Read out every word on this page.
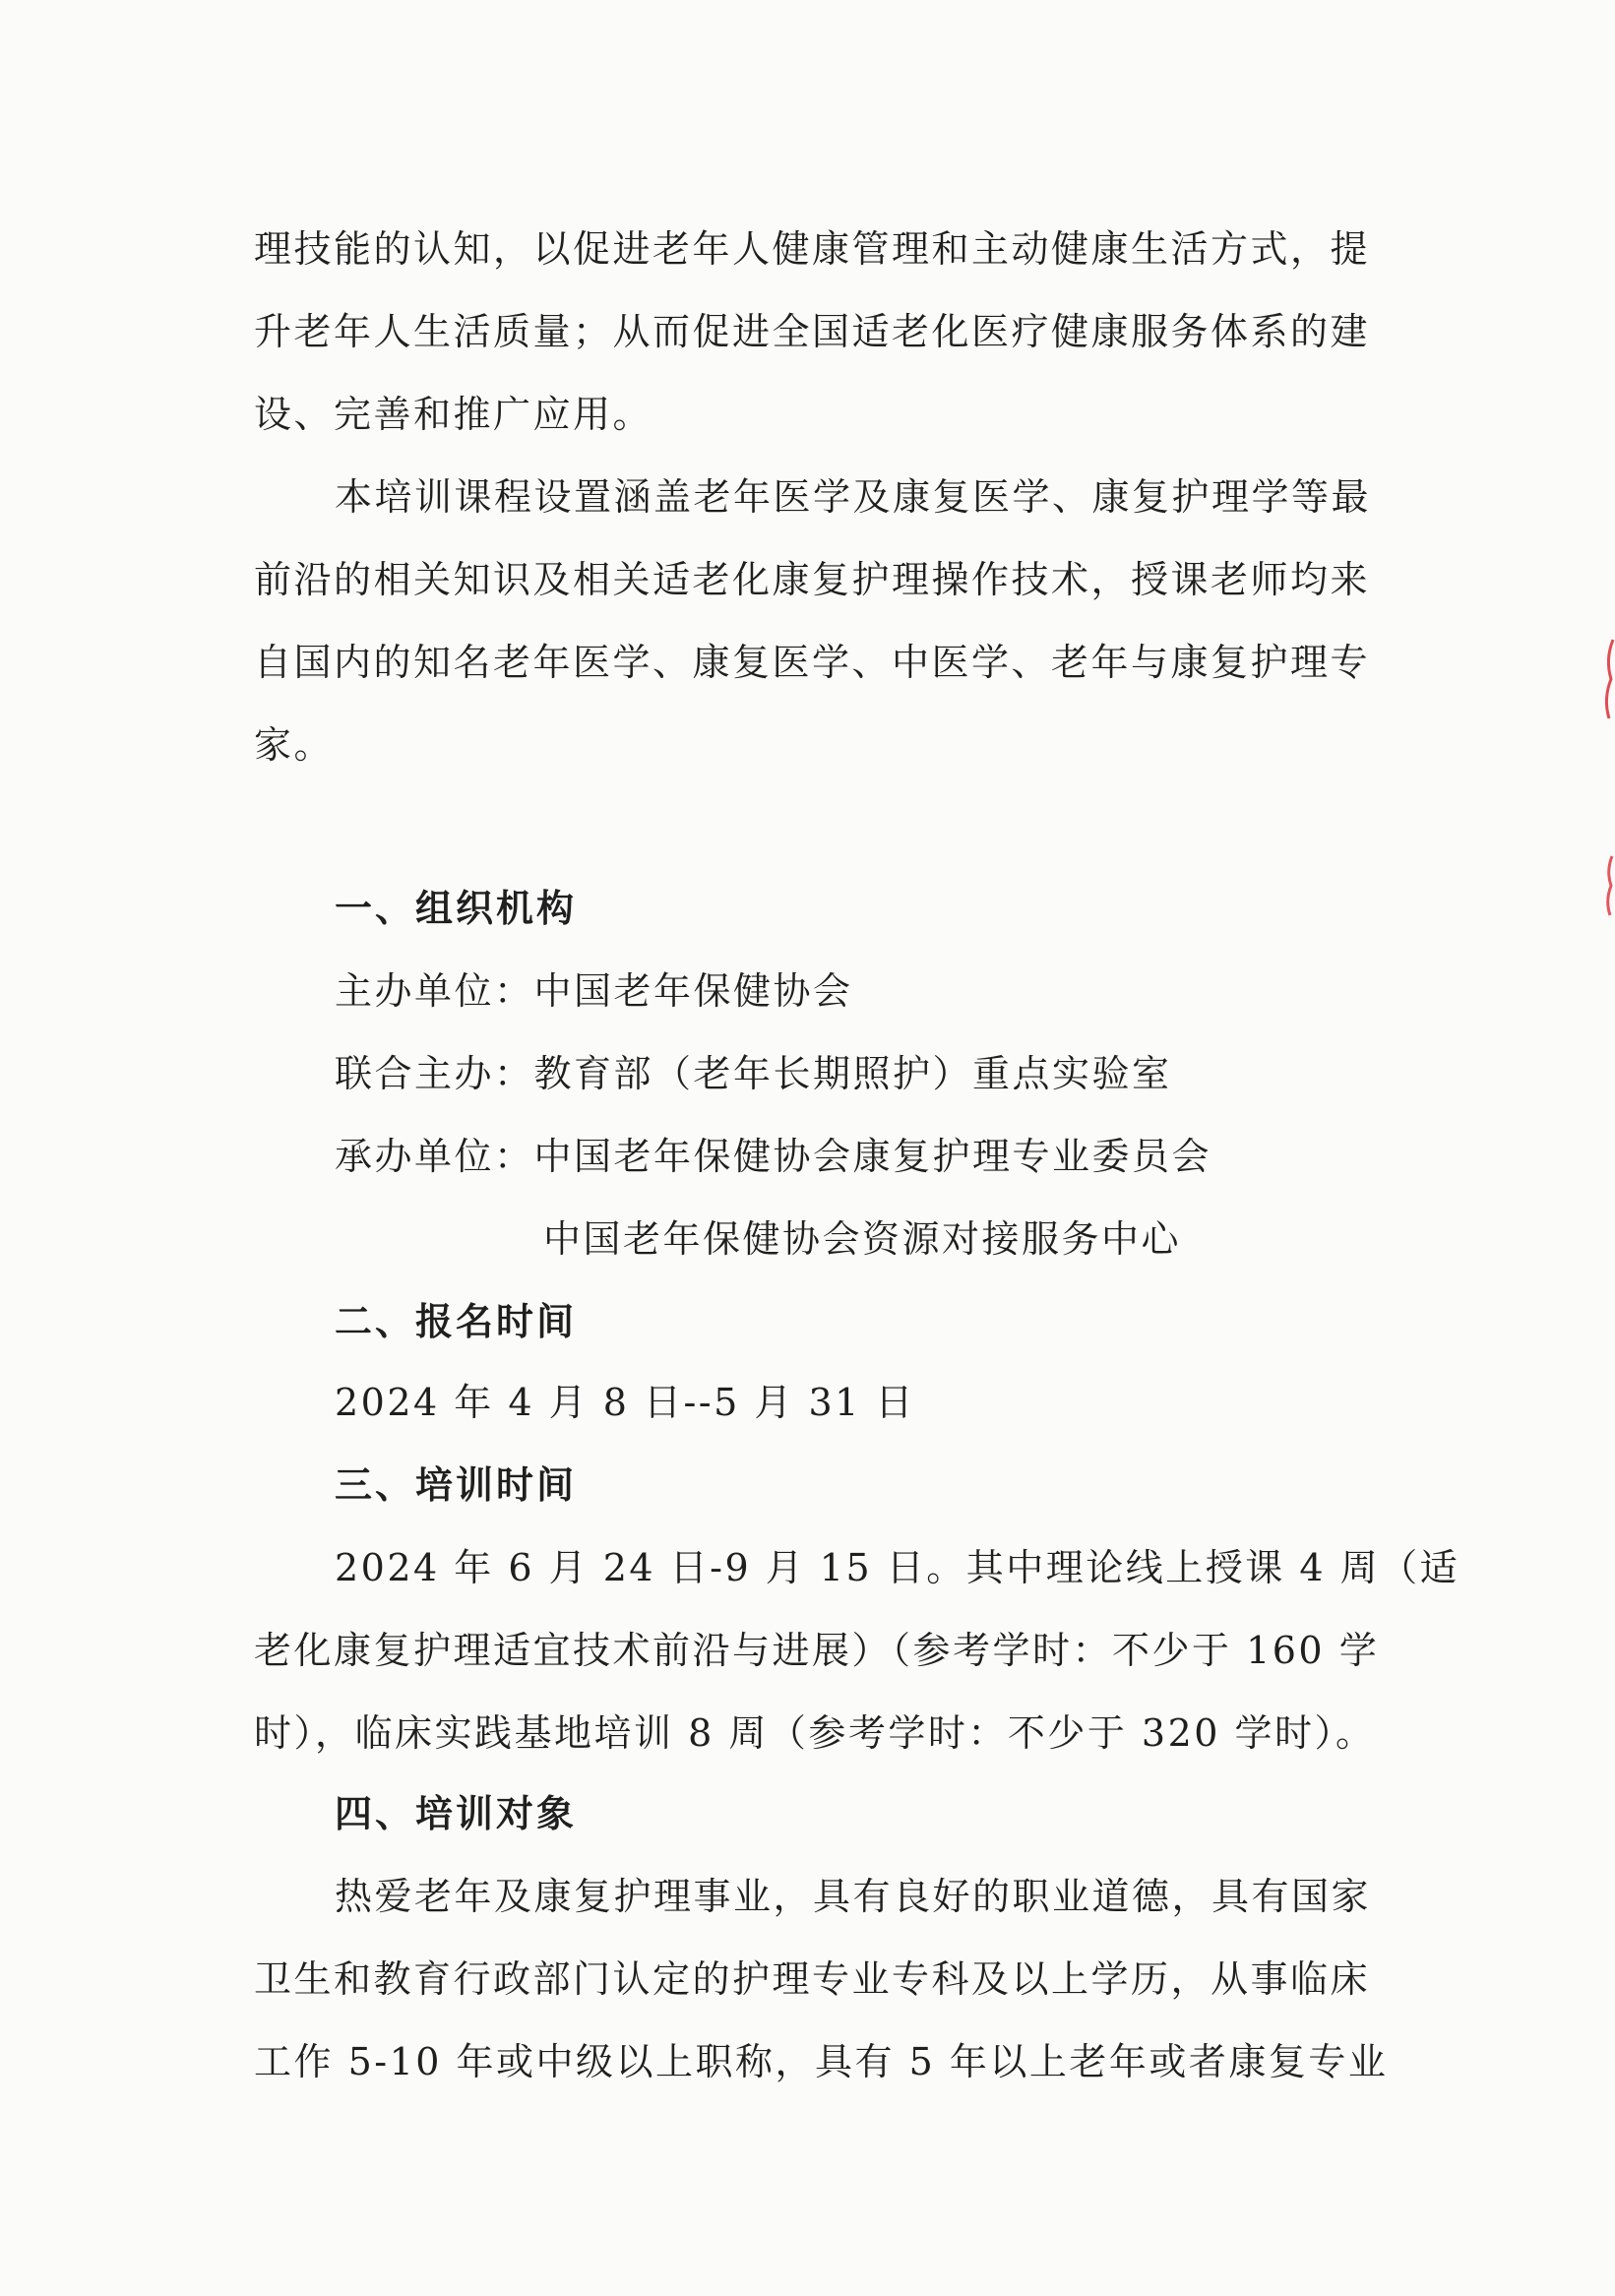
理技能的认知，以促进老年人健康管理和主动健康生活方式，提

升老年人生活质量；从而促进全国适老化医疗健康服务体系的建

设、完善和推广应用。

本培训课程设置涵盖老年医学及康复医学、康复护理学等最

前沿的相关知识及相关适老化康复护理操作技术，授课老师均来

自国内的知名老年医学、康复医学、中医学、老年与康复护理专

家。

一、组织机构

主办单位：中国老年保健协会

联合主办：教育部（老年长期照护）重点实验室

承办单位：中国老年保健协会康复护理专业委员会

中国老年保健协会资源对接服务中心

二、报名时间

2024 年 4 月 8 日--5 月 31 日

三、培训时间

2024 年 6 月 24 日-9 月 15 日。其中理论线上授课 4 周（适

老化康复护理适宜技术前沿与进展）（参考学时：不少于 160 学

时），临床实践基地培训 8 周（参考学时：不少于 320 学时）。

四、培训对象

热爱老年及康复护理事业，具有良好的职业道德，具有国家

卫生和教育行政部门认定的护理专业专科及以上学历，从事临床

工作 5-10 年或中级以上职称，具有 5 年以上老年或者康复专业
